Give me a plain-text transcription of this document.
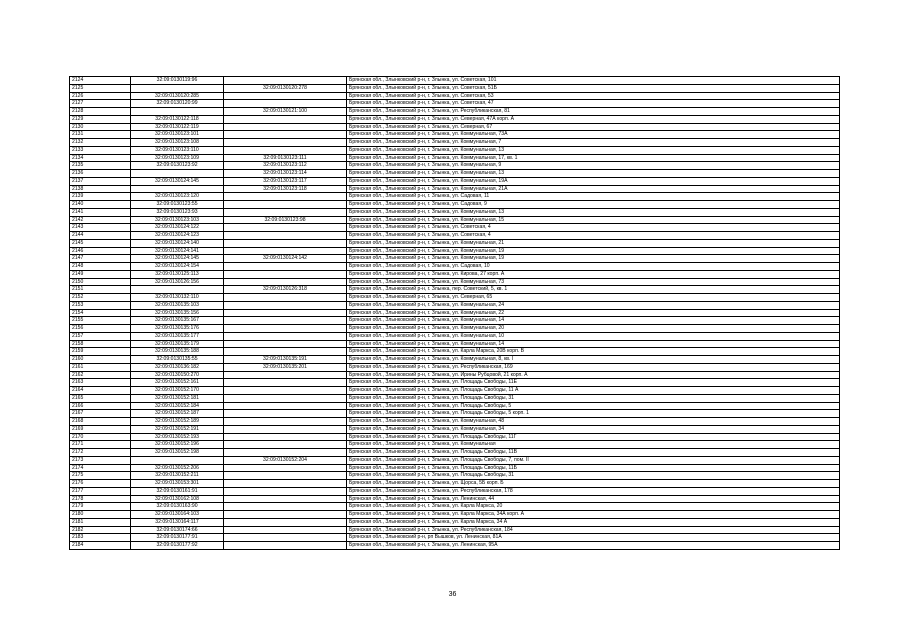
2124	32:09:0130119:96		Брянская обл., Злынковский р-н, г. Злынка, ул. Советская, 101
2125		32:09:0130120:278	Брянская обл., Злынковский р-н, г. Злынка, ул. Советская, 51Б
2126	32:09:0130120:285		Брянская обл., Злынковский р-н, г. Злынка, ул. Советская, 53
2127	32:09:0130120:99		Брянская обл., Злынковский р-н, г. Злынка, ул. Советская, 47
2128		32:09:0130121:100	Брянская обл., Злынковский р-н, г. Злынка, ул. Республиканская, 81
2129	32:09:0130122:118		Брянская обл., Злынковский р-н, г. Злынка, ул. Северная, 47А корп. А
2130	32:09:0130122:119		Брянская обл., Злынковский р-н, г. Злынка, ул. Северная, 67
2131	32:09:0130123:101		Брянская обл., Злынковский р-н, г. Злынка, ул. Коммунальная, 73А
2132	32:09:0130123:108		Брянская обл., Злынковский р-н, г. Злынка, ул. Коммунальная, 7
2133	32:09:0130123:110		Брянская обл., Злынковский р-н, г. Злынка, ул. Коммунальная, 13
2134	32:09:0130123:109	32:09:0130123:111	Брянская обл., Злынковский р-н, г. Злынка, ул. Коммунальная, 17, кв. 1
2135	32:09:0130123:92	32:09:0130123:112	Брянская обл., Злынковский р-н, г. Злынка, ул. Коммунальная, 9
2136		32:09:0130123:114	Брянская обл., Злынковский р-н, г. Злынка, ул. Коммунальная, 13
2137	32:09:0130124:145	32:09:0130123:117	Брянская обл., Злынковский р-н, г. Злынка, ул. Коммунальная, 19А
2138		32:09:0130123:118	Брянская обл., Злынковский р-н, г. Злынка, ул. Коммунальная, 21А
2139	32:09:0130123:120		Брянская обл., Злынковский р-н, г. Злынка, ул. Садовая, 11
2140	32:09:0130123:55		Брянская обл., Злынковский р-н, г. Злынка, ул. Садовая, 9
2141	32:09:0130123:93		Брянская обл., Злынковский р-н, г. Злынка, ул. Коммунальная, 13
2142	32:09:0130123:103	32:09:0130123:98	Брянская обл., Злынковский р-н, г. Злынка, ул. Коммунальная, 15
2143	32:09:0130124:122		Брянская обл., Злынковский р-н, г. Злынка, ул. Советская, 4
2144	32:09:0130124:123		Брянская обл., Злынковский р-н, г. Злынка, ул. Советская, 4
2145	32:09:0130124:140		Брянская обл., Злынковский р-н, г. Злынка, ул. Коммунальная, 21
2146	32:09:0130124:141		Брянская обл., Злынковский р-н, г. Злынка, ул. Коммунальная, 19
2147	32:09:0130124:145	32:09:0130124:142	Брянская обл., Злынковский р-н, г. Злынка, ул. Коммунальная, 19
2148	32:09:0130124:154		Брянская обл., Злынковский р-н, г. Злынка, ул. Садовая, 10
2149	32:09:0130125:113		Брянская обл., Злынковский р-н, г. Злынка, ул. Кирова, 27 корп. А
2150	32:09:0130126:156		Брянская обл., Злынковский р-н, г. Злынка, ул. Коммунальная, 73
2151		32:09:0130126:318	Брянская обл., Злынковский р-н, г. Злынка, пер. Советский, 5, кв. 1
2152	32:09:0130132:110		Брянская обл., Злынковский р-н, г. Злынка, ул. Северная, 65
2153	32:09:0130135:103		Брянская обл., Злынковский р-н, г. Злынка, ул. Коммунальная, 24
2154	32:09:0130135:156		Брянская обл., Злынковский р-н, г. Злынка, ул. Коммунальная, 22
2155	32:09:0130135:167		Брянская обл., Злынковский р-н, г. Злынка, ул. Коммунальная, 14
2156	32:09:0130135:176		Брянская обл., Злынковский р-н, г. Злынка, ул. Коммунальная, 20
2157	32:09:0130135:177		Брянская обл., Злынковский р-н, г. Злынка, ул. Коммунальная, 10
2158	32:09:0130135:179		Брянская обл., Злынковский р-н, г. Злынка, ул. Коммунальная, 14
2159	32:09:0130135:188		Брянская обл., Злынковский р-н, г. Злынка, ул. Карла Маркса, 20В корп. В
2160	32:09:0130135:55	32:09:0130135:191	Брянская обл., Злынковский р-н, г. Злынка, ул. Коммунальная, 8, кв. I
2161	32:09:0130136:182	32:09:0130135:201	Брянская обл., Злынковский р-н, г. Злынка, ул. Республиканская, 169
2162	32:09:0130150:270		Брянская обл., Злынковский р-н, г. Злынка, ул. Ирины Рубцовой, 21 корп. А
2163	32:09:0130152:161		Брянская обл., Злынковский р-н, г. Злынка, ул. Площадь Свободы, 11Е
2164	32:09:0130152:170		Брянская обл., Злынковский р-н, г. Злынка, ул. Площадь Свободы, 11 А
2165	32:09:0130152:181		Брянская обл., Злынковский р-н, г. Злынка, ул. Площадь Свободы, 31
2166	32:09:0130152:184		Брянская обл., Злынковский р-н, г. Злынка, ул. Площадь Свободы, 5
2167	32:09:0130152:187		Брянская обл., Злынковский р-н, г. Злынка, ул. Площадь Свободы, 5 корп. 1
2168	32:09:0130152:189		Брянская обл., Злынковский р-н, г. Злынка, ул. Коммунальная, 48
2169	32:09:0130152:191		Брянская обл., Злынковский р-н, г. Злынка, ул. Коммунальная, 34
2170	32:09:0130152:193		Брянская обл., Злынковский р-н, г. Злынка, ул. Площадь Свободы, 11Г
2171	32:09:0130152:196		Брянская обл., Злынковский р-н, г. Злынка, ул. Коммунальная
2172	32:09:0130152:198		Брянская обл., Злынковский р-н, г. Злынка, ул. Площадь Свободы, 11В
2173		32:09:0130152:204	Брянская обл., Злынковский р-н, г. Злынка, ул. Площадь Свободы, 7, пом. II
2174	32:09:0130152:206		Брянская обл., Злынковский р-н, г. Злынка, ул. Площадь Свободы, 11Б
2175	32:09:0130152:211		Брянская обл., Злынковский р-н, г. Злынка, ул. Площадь Свободы, 31
2176	32:09:0130153:301		Брянская обл., Злынковский р-н, г. Злынка, ул. Щорса, 5Б корп. Б
2177	32:09:0130161:91		Брянская обл., Злынковский р-н, г. Злынка, ул. Республиканская, 178
2178	32:09:0130162:108		Брянская обл., Злынковский р-н, г. Злынка, ул. Ленинская, 44
2179	32:09:0130163:90		Брянская обл., Злынковский р-н, г. Злынка, ул. Карла Маркса, 20
2180	32:09:0130164:103		Брянская обл., Злынковский р-н, г. Злынка, ул. Карла Маркса, 34А корп. А
2181	32:09:0130164:117		Брянская обл., Злынковский р-н, г. Злынка, ул. Карла Маркса, 34 А
2182	32:09:0130174:66		Брянская обл., Злынковский р-н, г. Злынка, ул. Республиканская, 184
2183	32:09:0130177:91		Брянская обл., Злынковский р-н, рп Вышков, ул. Ленинская, 81А
2184	32:09:0130177:92		Брянская обл., Злынковский р-н, г. Злынка, ул. Ленинская, 95А
36
